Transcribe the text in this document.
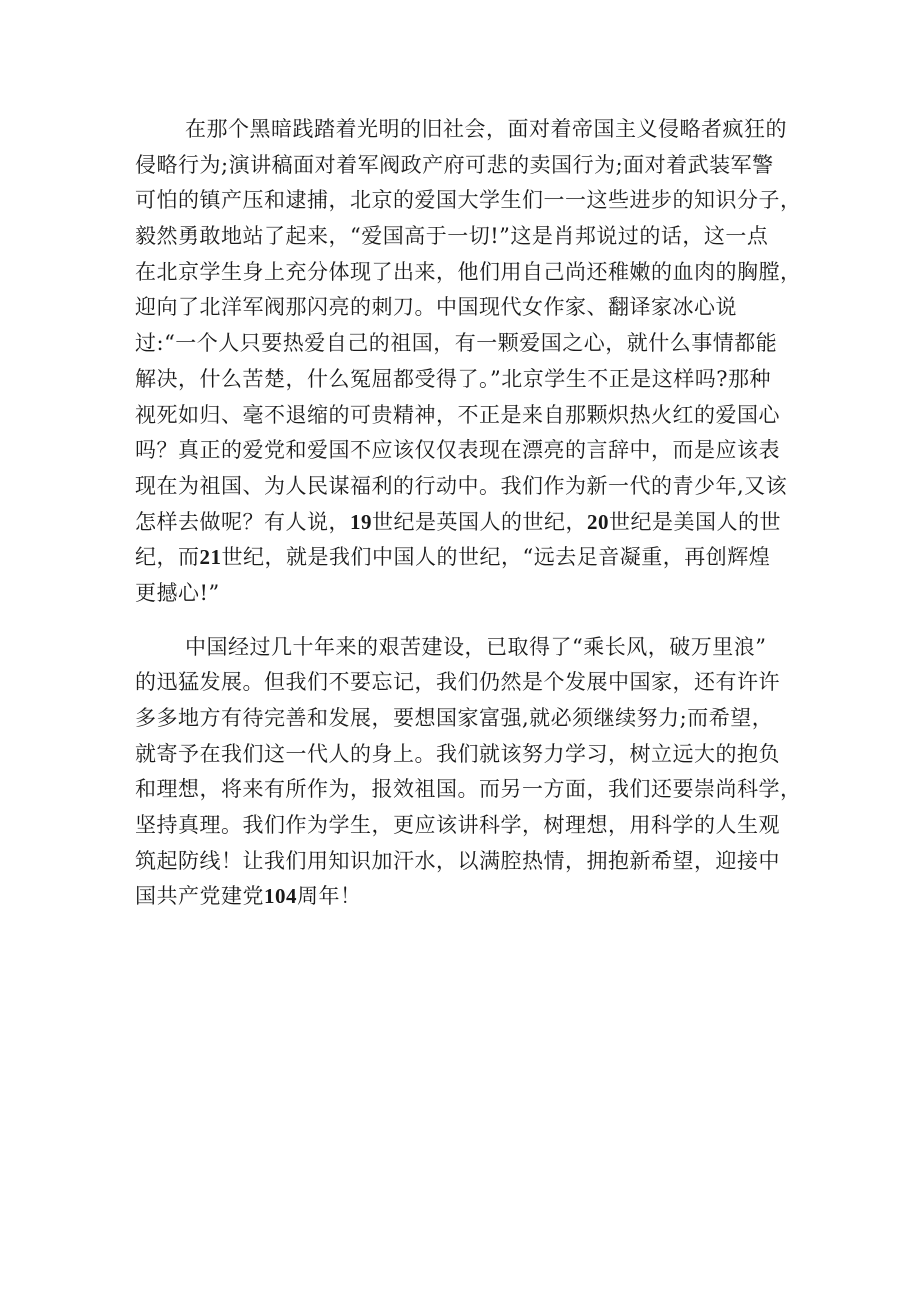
在那个黑暗践踏着光明的旧社会，面对着帝国主义侵略者疯狂的
侵略行为;演讲稿面对着军阀政产府可悲的卖国行为;面对着武装军警
可怕的镇产压和逮捕，北京的爱国大学生们一一这些进步的知识分子，
毅然勇敢地站了起来，“爱国高于一切!”这是肖邦说过的话，这一点
在北京学生身上充分体现了出来，他们用自己尚还稚嫩的血肉的胸膛，
迎向了北洋军阀那闪亮的刺刀。中国现代女作家、翻译家冰心说
过:“一个人只要热爱自己的祖国，有一颗爱国之心，就什么事情都能
解决，什么苦楚，什么冤屈都受得了。”北京学生不正是这样吗?那种
视死如归、毫不退缩的可贵精神，不正是来自那颗炽热火红的爱国心
吗？真正的爱党和爱国不应该仅仅表现在漂亮的言辞中，而是应该表
现在为祖国、为人民谋福利的行动中。我们作为新一代的青少年,又该
怎样去做呢？有人说，19世纪是英国人的世纪，20世纪是美国人的世
纪，而21世纪，就是我们中国人的世纪，“远去足音凝重，再创辉煌
更撼心!”
中国经过几十年来的艰苦建设，已取得了“乘长风，破万里浪”
的迅猛发展。但我们不要忘记，我们仍然是个发展中国家，还有许许
多多地方有待完善和发展，要想国家富强,就必须继续努力;而希望，
就寄予在我们这一代人的身上。我们就该努力学习，树立远大的抱负
和理想，将来有所作为，报效祖国。而另一方面，我们还要崇尚科学，
坚持真理。我们作为学生，更应该讲科学，树理想，用科学的人生观
筑起防线！让我们用知识加汗水，以满腔热情，拥抱新希望，迎接中
国共产党建党104周年！
